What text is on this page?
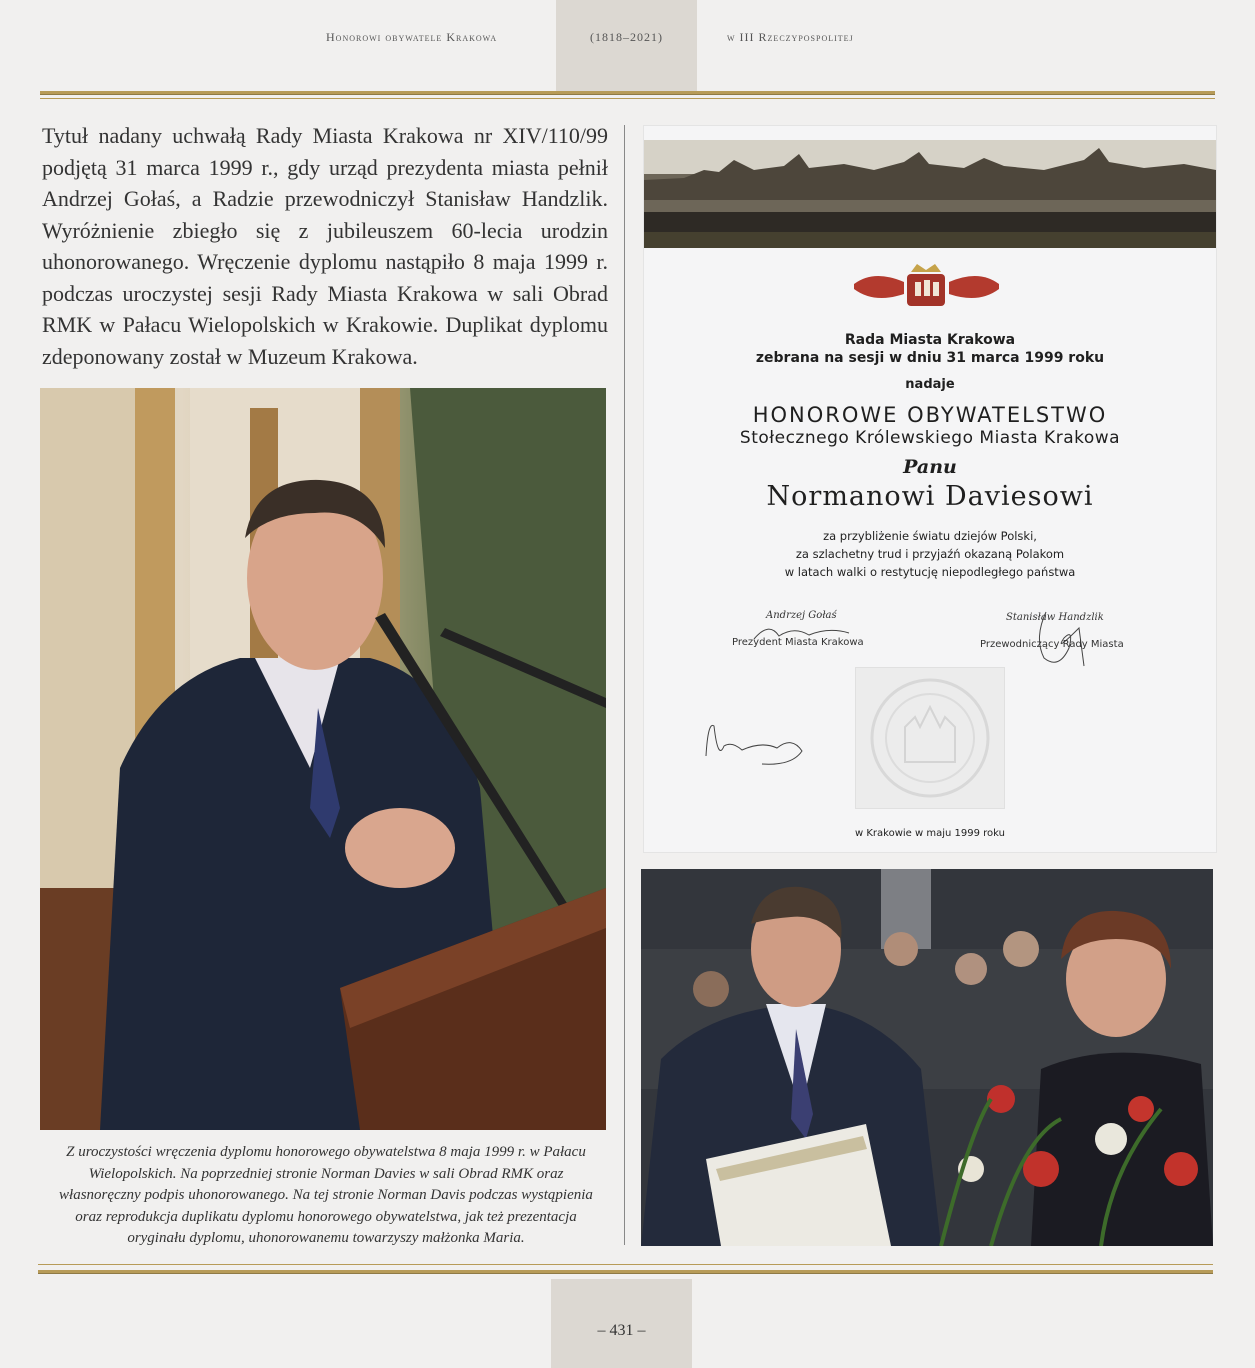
Honorowi obywatele Krakowa	(1818–2021)	w III Rzeczypospolitej

Tytuł nadany uchwałą Rady Miasta Krakowa nr XIV/110/99 podjętą 31 marca 1999 r., gdy urząd prezydenta miasta pełnił Andrzej Gołaś, a Radzie przewodniczył Stanisław Handzlik. Wyróżnienie zbiegło się z jubileuszem 60-lecia urodzin uhonorowanego. Wręczenie dyplomu nastąpiło 8 maja 1999 r. podczas uroczystej sesji Rady Miasta Krakowa w sali Obrad RMK w Pałacu Wielopolskich w Krakowie. Duplikat dyplomu zdeponowany został w Muzeum Krakowa.

Z uroczystości wręczenia dyplomu honorowego obywatelstwa 8 maja 1999 r. w Pałacu Wielopolskich. Na poprzedniej stronie Norman Davies w sali Obrad RMK oraz własnoręczny podpis uhonorowanego. Na tej stronie Norman Davis podczas wystąpienia oraz reprodukcja duplikatu dyplomu honorowego obywatelstwa, jak też prezentacja oryginału dyplomu, uhonorowanemu towarzyszy małżonka Maria.

Rada Miasta Krakowa
zebrana na sesji w dniu 31 marca 1999 roku
nadaje
HONOROWE OBYWATELSTWO
Stołecznego Królewskiego Miasta Krakowa
Panu
Normanowi Daviesowi
za przybliżenie światu dziejów Polski,
za szlachetny trud i przyjaźń okazaną Polakom
w latach walki o restytucję niepodległego państwa
Andrzej Gołaś
Prezydent Miasta Krakowa
Stanisław Handzlik
Przewodniczący Rady Miasta
w Krakowie w maju 1999 roku
– 431 –
